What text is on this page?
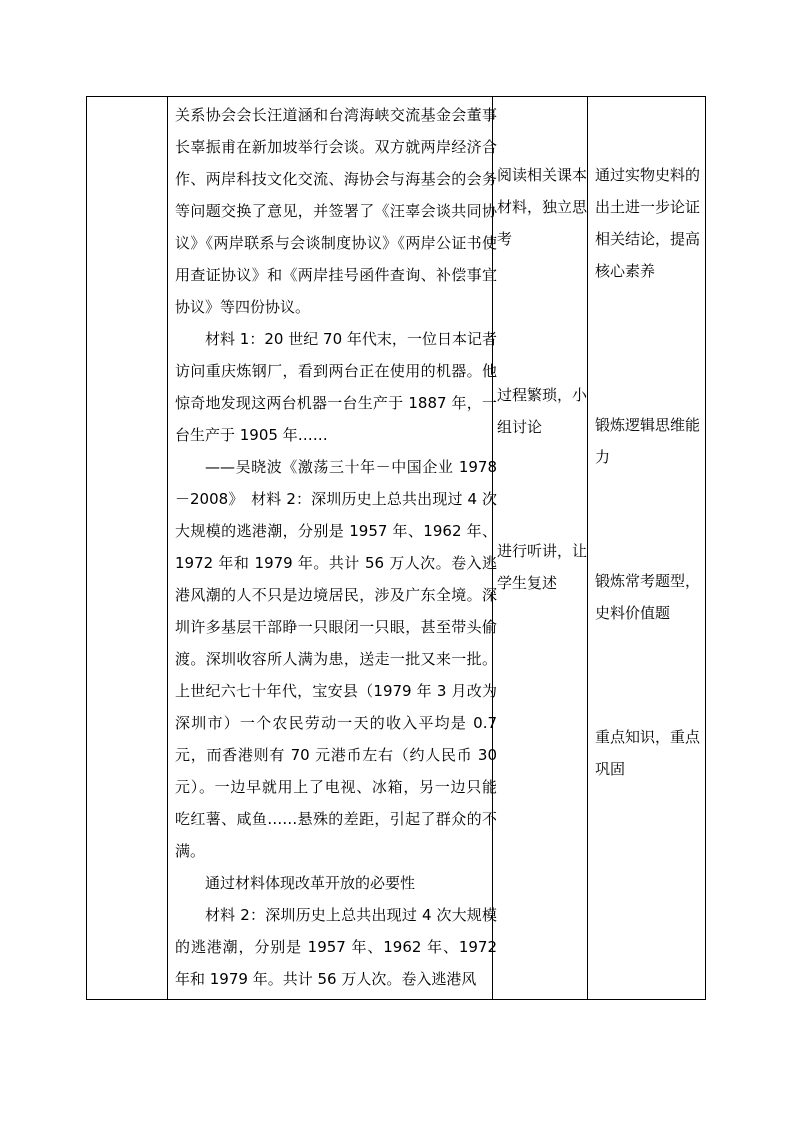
关系协会会长汪道涵和台湾海峡交流基金会董事长辜振甫在新加坡举行会谈。双方就两岸经济合作、两岸科技文化交流、海协会与海基会的会务等问题交换了意见，并签署了《汪辜会谈共同协议》《两岸联系与会谈制度协议》《两岸公证书使用查证协议》和《两岸挂号函件查询、补偿事宜协议》等四份协议。

材料 1：20 世纪 70 年代末，一位日本记者访问重庆炼钢厂，看到两台正在使用的机器。他惊奇地发现这两台机器一台生产于 1887 年，一台生产于 1905 年……

——吴晓波《激荡三十年－中国企业 1978－2008》　材料 2：深圳历史上总共出现过 4 次大规模的逃港潮，分别是 1957 年、1962 年、1972 年和 1979 年。共计 56 万人次。卷入逃港风潮的人不只是边境居民，涉及广东全境。深圳许多基层干部睁一只眼闭一只眼，甚至带头偷渡。深圳收容所人满为患，送走一批又来一批。上世纪六七十年代，宝安县（1979 年 3 月改为深圳市）一个农民劳动一天的收入平均是 0.7 元，而香港则有 70 元港币左右（约人民币 30 元）。一边早就用上了电视、冰箱，另一边只能吃红薯、咸鱼……悬殊的差距，引起了群众的不满。

通过材料体现改革开放的必要性

材料 2：深圳历史上总共出现过 4 次大规模的逃港潮，分别是 1957 年、1962 年、1972 年和 1979 年。共计 56 万人次。卷入逃港风

阅读相关课本材料，独立思考

过程繁琐，小组讨论

进行听讲，让学生复述

通过实物史料的出土进一步论证相关结论，提高核心素养

锻炼逻辑思维能力

锻炼常考题型，史料价值题

重点知识，重点巩固
